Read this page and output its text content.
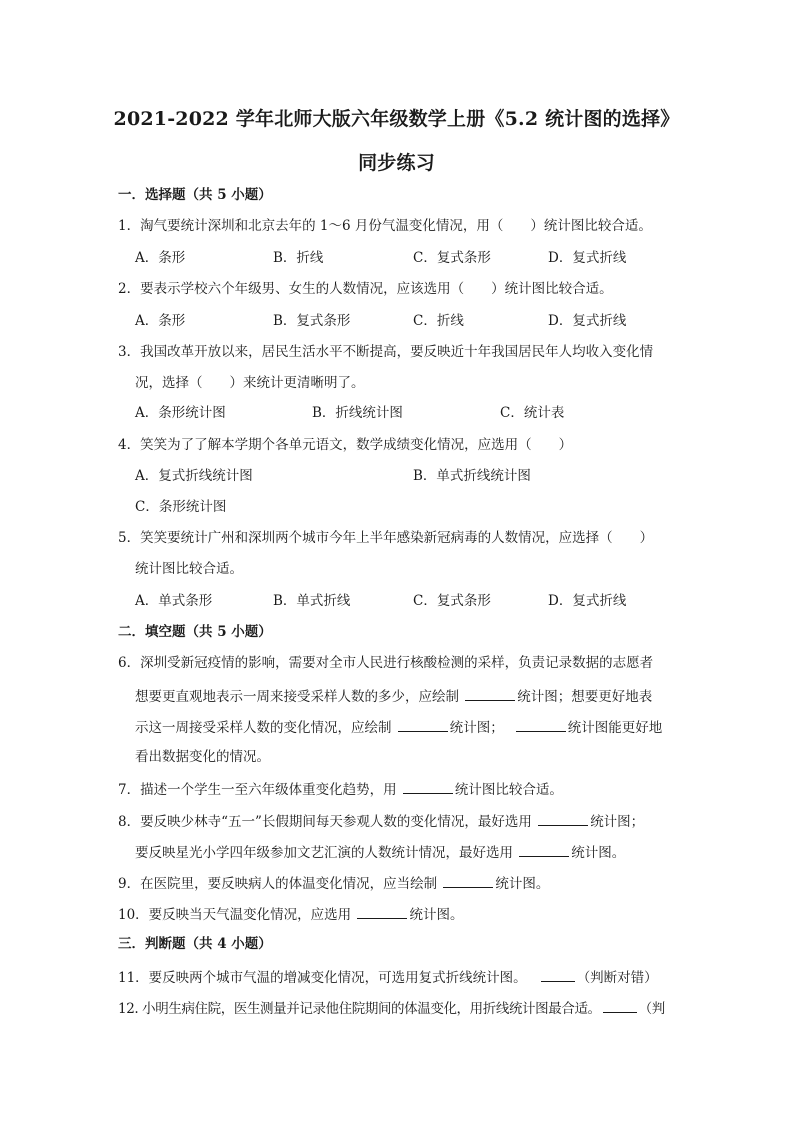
2021-2022 学年北师大版六年级数学上册《5.2 统计图的选择》
同步练习
一．选择题（共 5 小题）
1．淘气要统计深圳和北京去年的 1～6 月份气温变化情况，用（　　）统计图比较合适。
A．条形	B．折线	C．复式条形	D．复式折线
2．要表示学校六个年级男、女生的人数情况，应该选用（　　）统计图比较合适。
A．条形	B．复式条形	C．折线	D．复式折线
3．我国改革开放以来，居民生活水平不断提高，要反映近十年我国居民年人均收入变化情
况，选择（　　）来统计更清晰明了。
A．条形统计图	B．折线统计图	C．统计表
4．笑笑为了了解本学期个各单元语文，数学成绩变化情况，应选用（　　）
A．复式折线统计图	B．单式折线统计图
C．条形统计图
5．笑笑要统计广州和深圳两个城市今年上半年感染新冠病毒的人数情况，应选择（　　）
统计图比较合适。
A．单式条形	B．单式折线	C．复式条形	D．复式折线
二．填空题（共 5 小题）
6．深圳受新冠疫情的影响，需要对全市人民进行核酸检测的采样，负责记录数据的志愿者
想要更直观地表示一周来接受采样人数的多少，应绘制	统计图；想要更好地表
示这一周接受采样人数的变化情况，应绘制	统计图；	统计图能更好地
看出数据变化的情况。
7．描述一个学生一至六年级体重变化趋势，用	统计图比较合适。
8．要反映少林寺“五一”长假期间每天参观人数的变化情况，最好选用	统计图；
要反映星光小学四年级参加文艺汇演的人数统计情况，最好选用	统计图。
9．在医院里，要反映病人的体温变化情况，应当绘制	统计图。
10．要反映当天气温变化情况，应选用	统计图。
三．判断题（共 4 小题）
11．要反映两个城市气温的增减变化情况，可选用复式折线统计图。	（判断对错）
12. 小明生病住院，医生测量并记录他住院期间的体温变化，用折线统计图最合适。	（判
